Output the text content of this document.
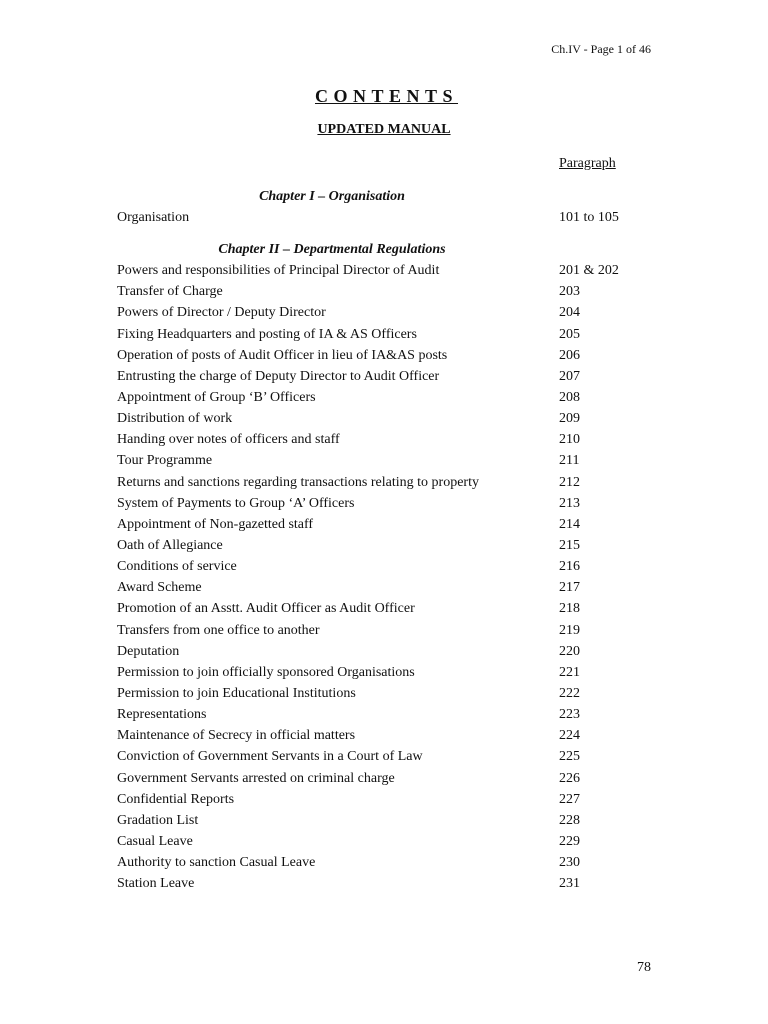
Ch.IV - Page 1 of 46
CONTENTS
UPDATED MANUAL
Paragraph
Chapter I – Organisation
Organisation	101 to 105
Chapter II – Departmental Regulations
Powers and responsibilities of Principal Director of Audit	201 & 202
Transfer of Charge	203
Powers of Director / Deputy Director	204
Fixing Headquarters and posting of IA & AS Officers	205
Operation of posts of Audit Officer in lieu of IA&AS posts	206
Entrusting the charge of Deputy Director to Audit Officer	207
Appointment of Group ‘B’ Officers	208
Distribution of work	209
Handing over notes of officers and staff	210
Tour Programme	211
Returns and sanctions regarding transactions relating to property	212
System of Payments to Group ‘A’ Officers	213
Appointment of Non-gazetted staff	214
Oath of Allegiance	215
Conditions of service	216
Award Scheme	217
Promotion of an Asstt. Audit Officer as Audit Officer	218
Transfers from one office to another	219
Deputation	220
Permission to join officially sponsored Organisations	221
Permission to join Educational Institutions	222
Representations	223
Maintenance of Secrecy in official matters	224
Conviction of Government Servants in a Court of Law	225
Government Servants arrested on criminal charge	226
Confidential Reports	227
Gradation List	228
Casual Leave	229
Authority to sanction Casual Leave	230
Station Leave	231
78
